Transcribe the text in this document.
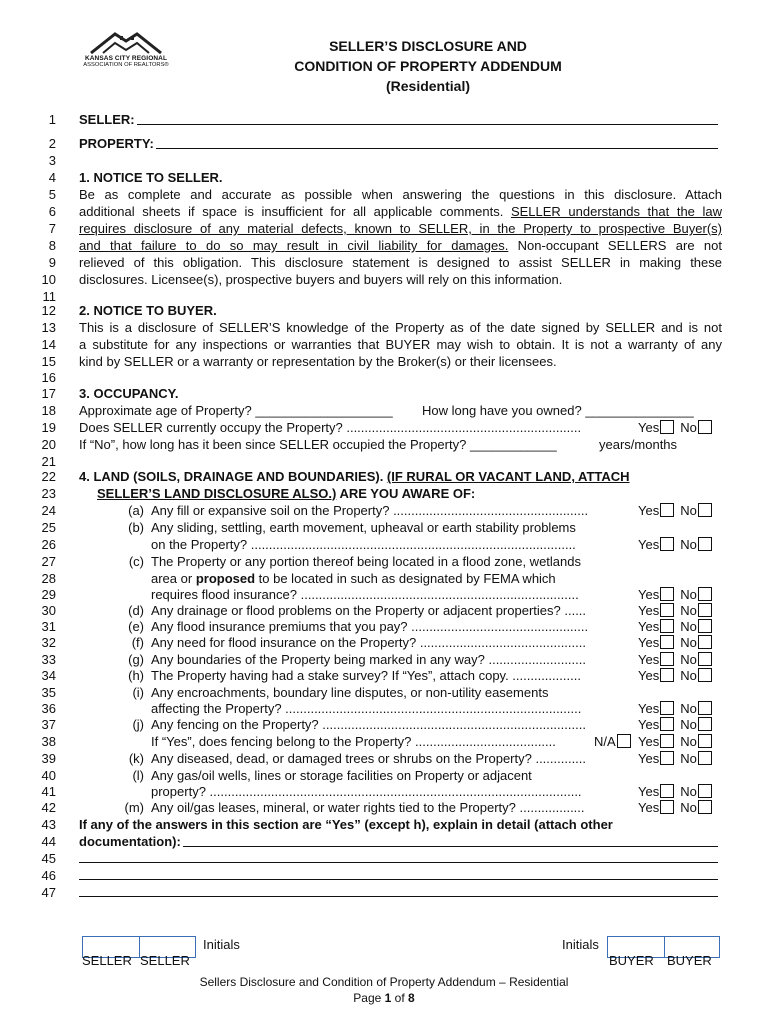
KANSAS CITY REGIONAL
ASSOCIATION OF REALTORS®
SELLER’S DISCLOSURE AND
CONDITION OF PROPERTY ADDENDUM
(Residential)
1
2
3
4
5
6
7
8
9
10
11
12
13
14
15
16
17
18
19
20
21
22
23
24
25
26
27
28
29
30
31
32
33
34
35
36
37
38
39
40
41
42
43
44
45
46
47
SELLER:
PROPERTY:
1. NOTICE TO SELLER.
Be as complete and accurate as possible when answering the questions in this disclosure. Attach
additional sheets if space is insufficient for all applicable comments. SELLER understands that the law
requires disclosure of any material defects, known to SELLER, in the Property to prospective Buyer(s)
and that failure to do so may result in civil liability for damages. Non-occupant SELLERS are not
relieved of this obligation. This disclosure statement is designed to assist SELLER in making these
disclosures. Licensee(s), prospective buyers and buyers will rely on this information.
2. NOTICE TO BUYER.
This is a disclosure of SELLER’S knowledge of the Property as of the date signed by SELLER and is not
a substitute for any inspections or warranties that BUYER may wish to obtain. It is not a warranty of any
kind by SELLER or a warranty or representation by the Broker(s) or their licensees.
3. OCCUPANCY.
Approximate age of Property? ___________________ How long have you owned? _______________
Does SELLER currently occupy the Property? .................................................................	Yes No
If “No”, how long has it been since SELLER occupied the Property? ____________	years/months
4. LAND (SOILS, DRAINAGE AND BOUNDARIES). (IF RURAL OR VACANT LAND, ATTACH
SELLER’S LAND DISCLOSURE ALSO.) ARE YOU AWARE OF:
(a) Any fill or expansive soil on the Property? ......................................................	Yes No
(b) Any sliding, settling, earth movement, upheaval or earth stability problems
on the Property? ..........................................................................................	Yes No
(c) The Property or any portion thereof being located in a flood zone, wetlands
area or proposed to be located in such as designated by FEMA which
requires flood insurance? .............................................................................	Yes No
(d) Any drainage or flood problems on the Property or adjacent properties? ......	Yes No
(e) Any flood insurance premiums that you pay? .................................................	Yes No
(f) Any need for flood insurance on the Property? ..............................................	Yes No
(g) Any boundaries of the Property being marked in any way? ...........................	Yes No
(h) The Property having had a stake survey? If “Yes”, attach copy. ...................	Yes No
(i) Any encroachments, boundary line disputes, or non-utility easements
affecting the Property? ..................................................................................	Yes No
(j) Any fencing on the Property? .........................................................................	Yes No
If “Yes”, does fencing belong to the Property? .......................................	N/A	Yes No
(k) Any diseased, dead, or damaged trees or shrubs on the Property? ..............	Yes No
(l) Any gas/oil wells, lines or storage facilities on Property or adjacent
property? .......................................................................................................	Yes No
(m) Any oil/gas leases, mineral, or water rights tied to the Property? ..................	Yes No
If any of the answers in this section are “Yes” (except h), explain in detail (attach other
documentation):
Initials
SELLER SELLER
Initials
BUYER BUYER
Sellers Disclosure and Condition of Property Addendum – Residential
Page 1 of 8
